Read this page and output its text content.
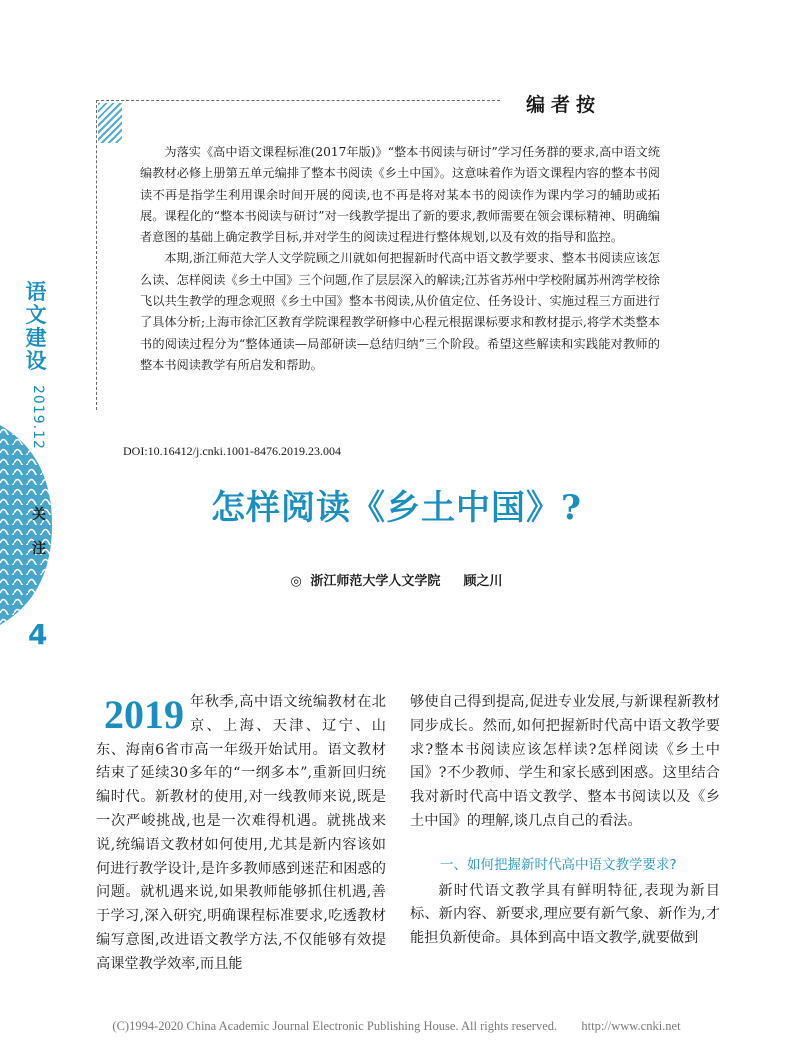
语
文
建
设
2019.12
关
注
4
编者按

为落实《高中语文课程标准(2017年版)》“整本书阅读与研讨”学习任务群的要求,高中语文统编教材必修上册第五单元编排了整本书阅读《乡土中国》。这意味着作为语文课程内容的整本书阅读不再是指学生利用课余时间开展的阅读,也不再是将对某本书的阅读作为课内学习的辅助或拓展。课程化的“整本书阅读与研讨”对一线教学提出了新的要求,教师需要在领会课标精神、明确编者意图的基础上确定教学目标,并对学生的阅读过程进行整体规划,以及有效的指导和监控。

本期,浙江师范大学人文学院顾之川就如何把握新时代高中语文教学要求、整本书阅读应该怎么读、怎样阅读《乡土中国》三个问题,作了层层深入的解读;江苏省苏州中学校附属苏州湾学校徐飞以共生教学的理念观照《乡土中国》整本书阅读,从价值定位、任务设计、实施过程三方面进行了具体分析;上海市徐汇区教育学院课程教学研修中心程元根据课标要求和教材提示,将学术类整本书的阅读过程分为“整体通读—局部研读—总结归纳”三个阶段。希望这些解读和实践能对教师的整本书阅读教学有所启发和帮助。

DOI:10.16412/j.cnki.1001-8476.2019.23.004
怎样阅读《乡土中国》?
◎ 浙江师范大学人文学院 顾之川

2019 年秋季,高中语文统编教材在北京、上海、天津、辽宁、山东、海南6省市高一年级开始试用。语文教材结束了延续30多年的“一纲多本”,重新回归统编时代。新教材的使用,对一线教师来说,既是一次严峻挑战,也是一次难得机遇。就挑战来说,统编语文教材如何使用,尤其是新内容该如何进行教学设计,是许多教师感到迷茫和困惑的问题。就机遇来说,如果教师能够抓住机遇,善于学习,深入研究,明确课程标准要求,吃透教材编写意图,改进语文教学方法,不仅能够有效提高课堂教学效率,而且能

够使自己得到提高,促进专业发展,与新课程新教材同步成长。然而,如何把握新时代高中语文教学要求?整本书阅读应该怎样读?怎样阅读《乡土中国》?不少教师、学生和家长感到困惑。这里结合我对新时代高中语文教学、整本书阅读以及《乡土中国》的理解,谈几点自己的看法。

一、如何把握新时代高中语文教学要求?

新时代语文教学具有鲜明特征,表现为新目标、新内容、新要求,理应要有新气象、新作为,才能担负新使命。具体到高中语文教学,就要做到

(C)1994-2020 China Academic Journal Electronic Publishing House. All rights reserved. http://www.cnki.net
